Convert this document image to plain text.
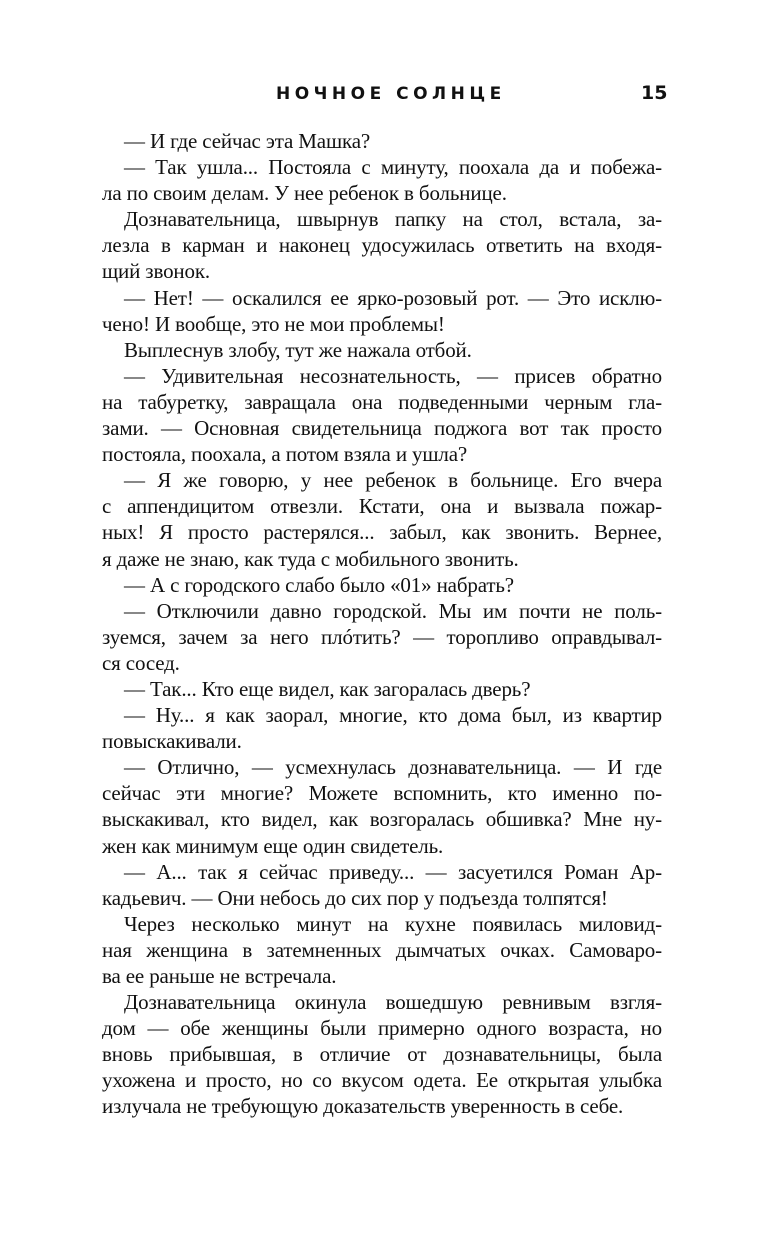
НОЧНОЕ СОЛНЦЕ	15
— И где сейчас эта Машка?
— Так ушла... Постояла с минуту, поохала да и побежа-
ла по своим делам. У нее ребенок в больнице.
Дознавательница, швырнув папку на стол, встала, за-
лезла в карман и наконец удосужилась ответить на входя-
щий звонок.
— Нет! — оскалился ее ярко-розовый рот. — Это исклю-
чено! И вообще, это не мои проблемы!
Выплеснув злобу, тут же нажала отбой.
— Удивительная несознательность, — присев обратно
на табуретку, завращала она подведенными черным гла-
зами. — Основная свидетельница поджога вот так просто
постояла, поохала, а потом взяла и ушла?
— Я же говорю, у нее ребенок в больнице. Его вчера
с аппендицитом отвезли. Кстати, она и вызвала пожар-
ных! Я просто растерялся... забыл, как звонить. Вернее,
я даже не знаю, как туда с мобильного звонить.
— А с городского слабо было «01» набрать?
— Отключили давно городской. Мы им почти не поль-
зуемся, зачем за него плóтить? — торопливо оправдывал-
ся сосед.
— Так... Кто еще видел, как загоралась дверь?
— Ну... я как заорал, многие, кто дома был, из квартир
повыскакивали.
— Отлично, — усмехнулась дознавательница. — И где
сейчас эти многие? Можете вспомнить, кто именно по-
выскакивал, кто видел, как возгоралась обшивка? Мне ну-
жен как минимум еще один свидетель.
— А... так я сейчас приведу... — засуетился Роман Ар-
кадьевич. — Они небось до сих пор у подъезда толпятся!
Через несколько минут на кухне появилась миловид-
ная женщина в затемненных дымчатых очках. Самоваро-
ва ее раньше не встречала.
Дознавательница окинула вошедшую ревнивым взгля-
дом — обе женщины были примерно одного возраста, но
вновь прибывшая, в отличие от дознавательницы, была
ухожена и просто, но со вкусом одета. Ее открытая улыбка
излучала не требующую доказательств уверенность в себе.
